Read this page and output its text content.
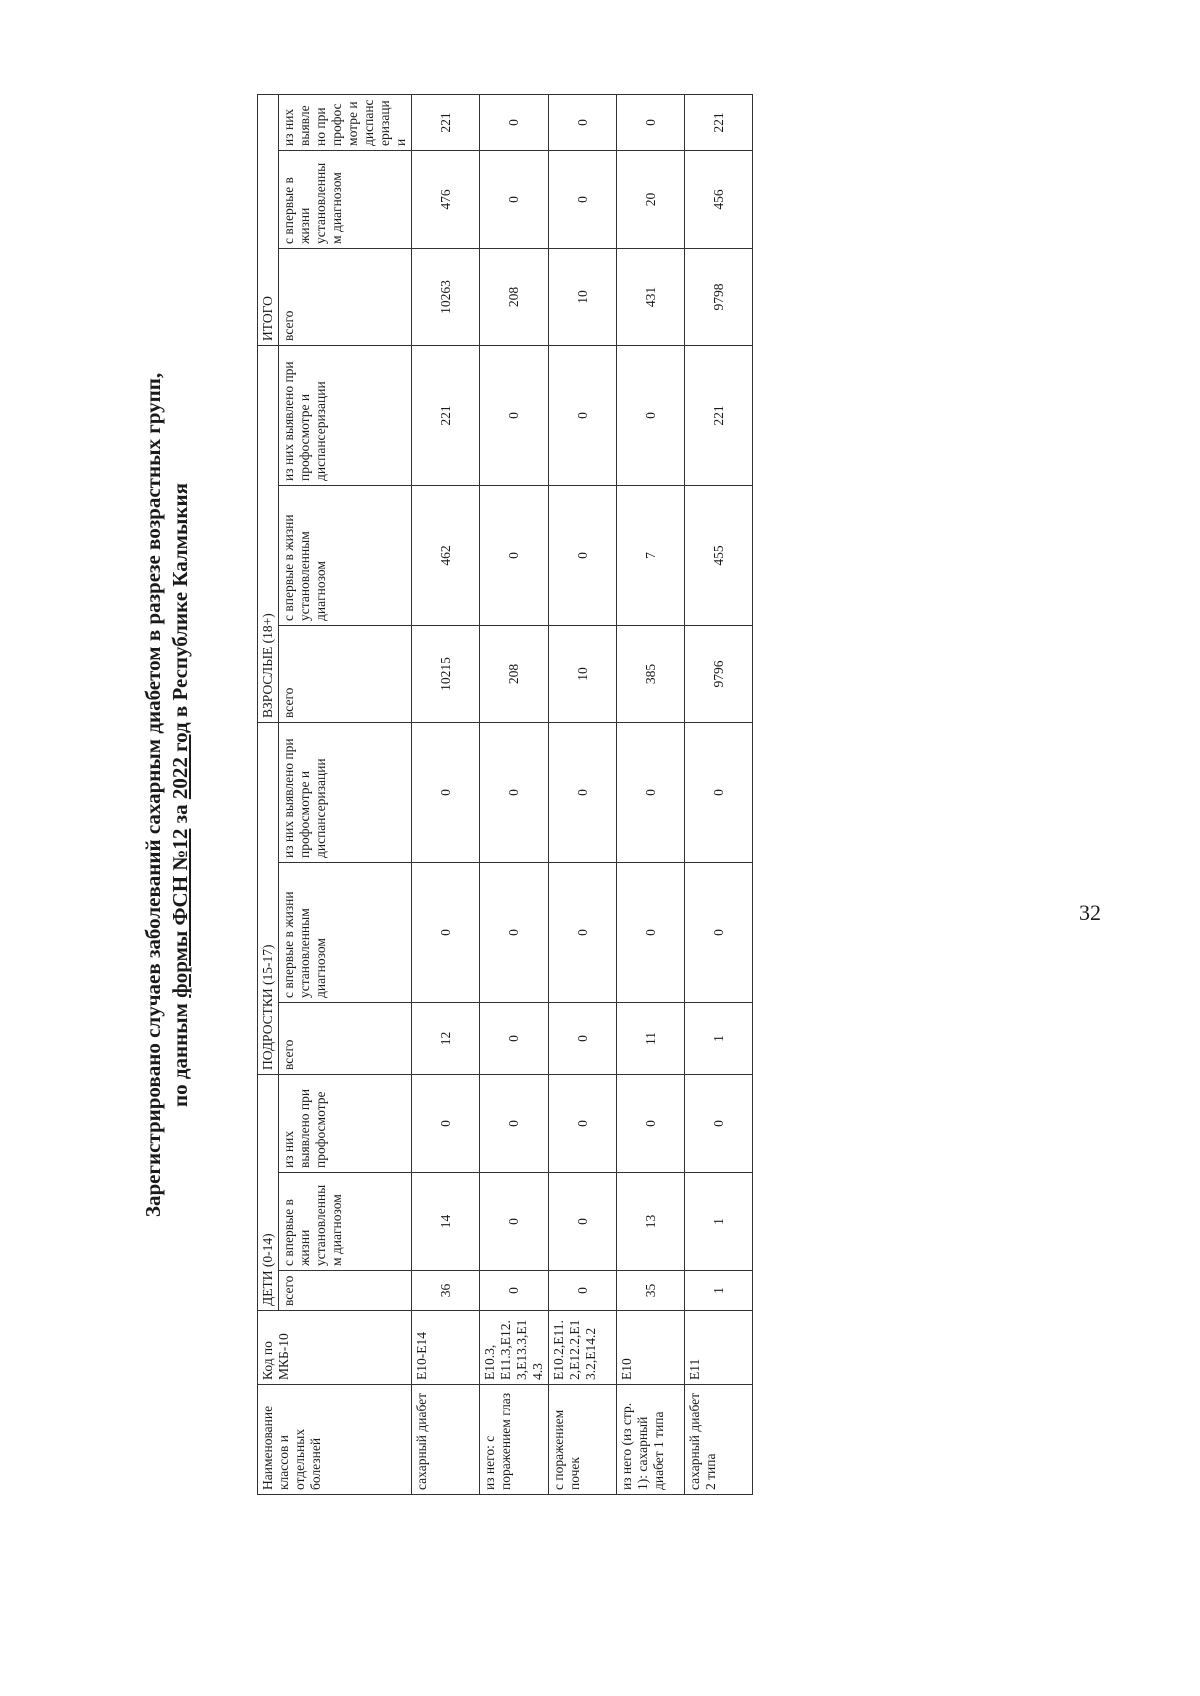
Зарегистрировано случаев заболеваний сахарным диабетом в разрезе возрастных групп, по данным формы ФСН №12 за 2022 год в Республике Калмыкия
Наименование классов и отдельных болезней	Код по МКБ-10	ДЕТИ (0-14)			ПОДРОСТКИ (15-17)			ВЗРОСЛЫЕ (18+)			ИТОГО		
		всего	с впервые в жизни установленным диагнозом	из них выявлено при профосмотре	всего	с впервые в жизни установленным диагнозом	из них выявлено при профосмотре и диспансеризации	всего	с впервые в жизни установленным диагнозом	из них выявлено при профосмотре и диспансеризации	всего	с впервые в жизни установленным диагнозом	из них выявлено при профосмотре и диспансеризации
сахарный диабет	Е10-Е14	36	14	0	12	0	0	10215	462	221	10263	476	221
из него: с поражением глаз	Е10.3, Е11.3,Е12.3,Е13.3,Е14.3	0	0	0	0	0	0	208	0	0	208	0	0
с поражением почек	Е10.2,Е11.2,Е12.2,Е13.2,Е14.2	0	0	0	0	0	0	10	0	0	10	0	0
из него (из стр. 1): сахарный диабет 1 типа	Е10	35	13	0	11	0	0	385	7	0	431	20	0
сахарный диабет 2 типа	Е11	1	1	0	1	0	0	9796	455	221	9798	456	221
32
